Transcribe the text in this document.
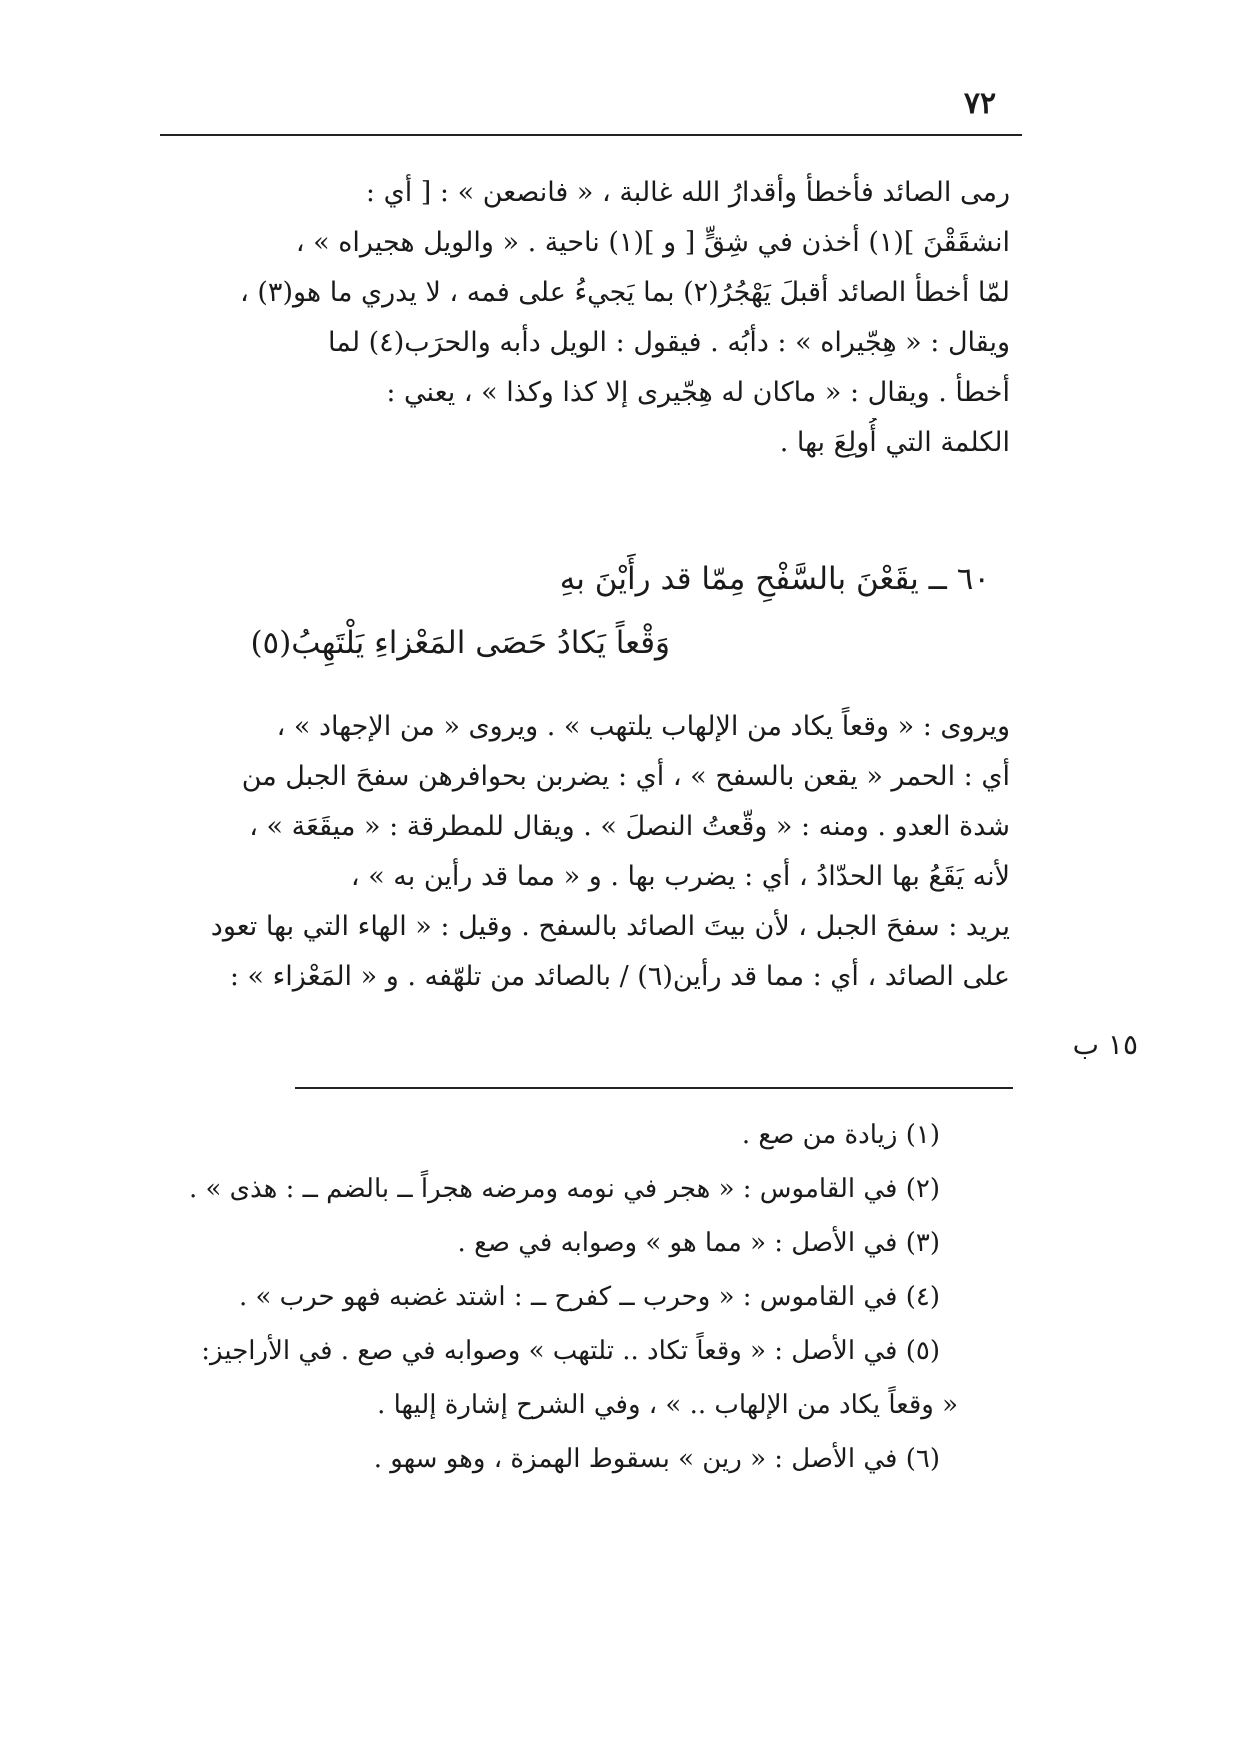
٧٢
رمى الصائد فأخطأ وأقدارُ الله غالبة ، « فانصعن » : [ أي :
انشقَقْنَ ](١) أخذن في شِقٍّ [ و ](١) ناحية . « والويل هجيراه » ،
لمّا أخطأ الصائد أقبلَ يَهْجُرُ(٢) بما يَجيءُ على فمه ، لا يدري ما هو(٣) ،
ويقال : « هِجّيراه » : دأبُه . فيقول : الويل دأبه والحرَب(٤) لما
أخطأ . ويقال : « ماكان له هِجّيرى إلا كذا وكذا » ، يعني :
الكلمة التي أُولِعَ بها .
٦٠ ــ يقَعْنَ بالسَّفْحِ مِمّا قد رأَيْنَ بهِ
وَقْعاً يَكادُ حَصَى المَعْزاءِ يَلْتَهِبُ(٥)
ويروى : « وقعاً يكاد من الإلهاب يلتهب » . ويروى « من الإجهاد » ،
أي : الحمر « يقعن بالسفح » ، أي : يضربن بحوافرهن سفحَ الجبل من
شدة العدو . ومنه : « وقّعتُ النصلَ » . ويقال للمطرقة : « ميقَعَة » ،
لأنه يَقَعُ بها الحدّادُ ، أي : يضرب بها . و « مما قد رأين به » ،
يريد : سفحَ الجبل ، لأن بيتَ الصائد بالسفح . وقيل : « الهاء التي بها تعود
على الصائد ، أي : مما قد رأين(٦) / بالصائد من تلهّفه . و « المَعْزاء » :
١٥ ب
(١) زيادة من صع .
(٢) في القاموس : « هجر في نومه ومرضه هجراً ــ بالضم ــ : هذى » .
(٣) في الأصل : « مما هو » وصوابه في صع .
(٤) في القاموس : « وحرب ــ كفرح ــ : اشتد غضبه فهو حرب » .
(٥) في الأصل : « وقعاً تكاد .. تلتهب » وصوابه في صع . في الأراجيز:
« وقعاً يكاد من الإلهاب .. » ، وفي الشرح إشارة إليها .
(٦) في الأصل : « رين » بسقوط الهمزة ، وهو سهو .
